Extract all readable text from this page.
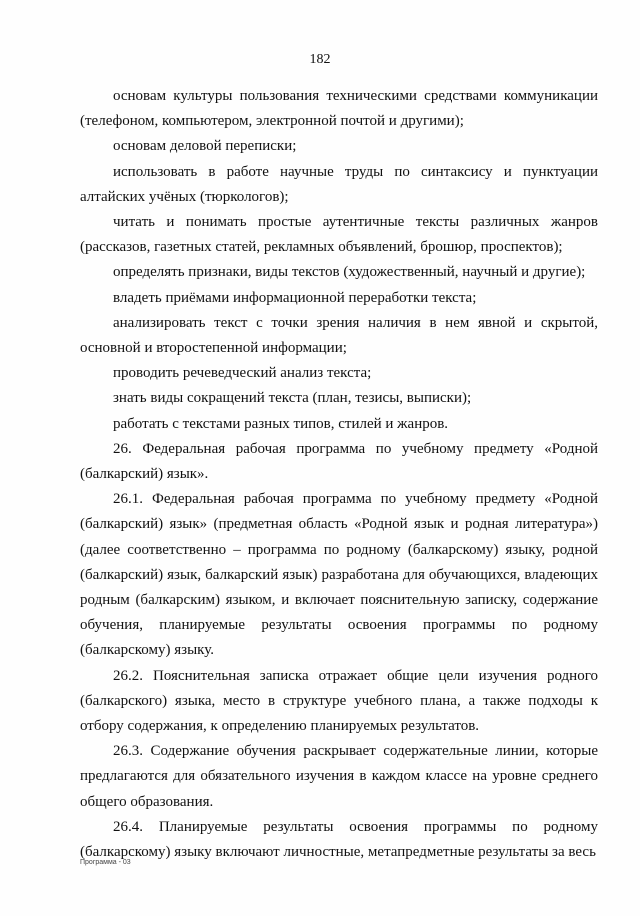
182

основам культуры пользования техническими средствами коммуникации (телефоном, компьютером, электронной почтой и другими);

основам деловой переписки;

использовать в работе научные труды по синтаксису и пунктуации алтайских учёных (тюркологов);

читать и понимать простые аутентичные тексты различных жанров (рассказов, газетных статей, рекламных объявлений, брошюр, проспектов);

определять признаки, виды текстов (художественный, научный и другие);

владеть приёмами информационной переработки текста;

анализировать текст с точки зрения наличия в нем явной и скрытой, основной и второстепенной информации;

проводить речеведческий анализ текста;

знать виды сокращений текста (план, тезисы, выписки);

работать с текстами разных типов, стилей и жанров.

26. Федеральная рабочая программа по учебному предмету «Родной (балкарский) язык».

26.1. Федеральная рабочая программа по учебному предмету «Родной (балкарский) язык» (предметная область «Родной язык и родная литература») (далее соответственно – программа по родному (балкарскому) языку, родной (балкарский) язык, балкарский язык) разработана для обучающихся, владеющих родным (балкарским) языком, и включает пояснительную записку, содержание обучения, планируемые результаты освоения программы по родному (балкарскому) языку.

26.2. Пояснительная записка отражает общие цели изучения родного (балкарского) языка, место в структуре учебного плана, а также подходы к отбору содержания, к определению планируемых результатов.

26.3. Содержание обучения раскрывает содержательные линии, которые предлагаются для обязательного изучения в каждом классе на уровне среднего общего образования.

26.4. Планируемые результаты освоения программы по родному (балкарскому) языку включают личностные, метапредметные результаты за весь

Программа - 03
